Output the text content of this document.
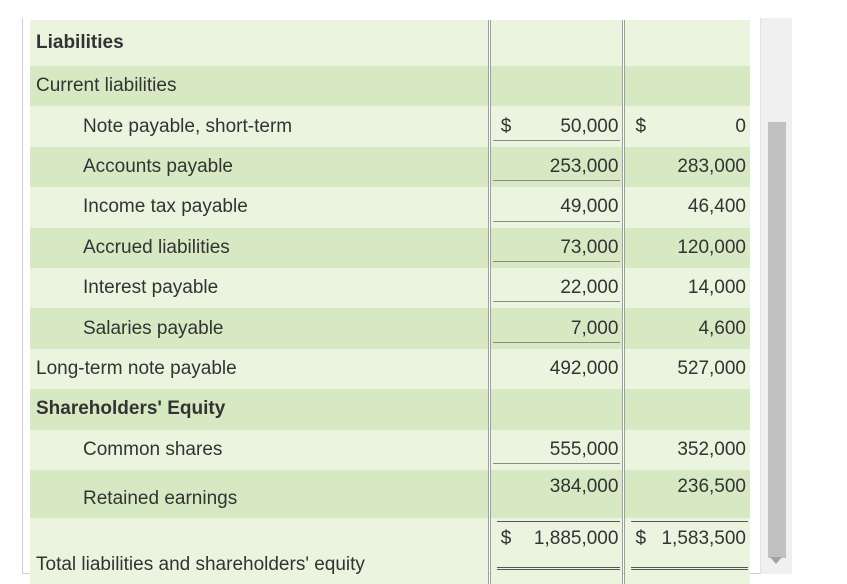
Liabilities		
Current liabilities		
Note payable, short-term	$ 50,000	$ 0

Accounts payable	253,000	283,000

Income tax payable	49,000	46,400

Accrued liabilities	73,000	120,000

Interest payable	22,000	14,000

Salaries payable	7,000	4,600

Long-term note payable	492,000	527,000

Shareholders' Equity		
Common shares	555,000	352,000

Retained earnings	384,000	236,500

Total liabilities and shareholders' equity	$ 1,885,000	$ 1,583,500
